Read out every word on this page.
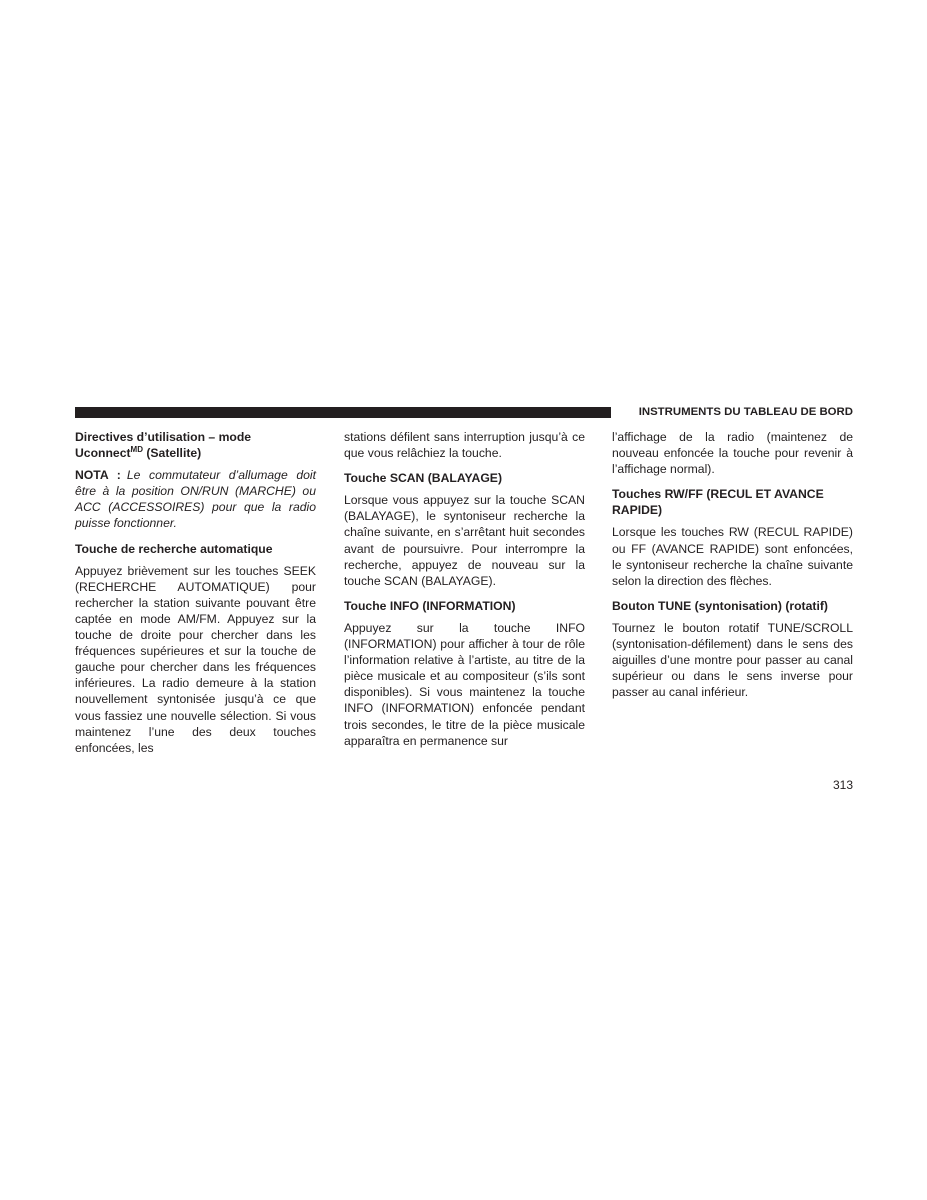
INSTRUMENTS DU TABLEAU DE BORD
Directives d’utilisation – mode Uconnect$^{MD}$ (Satellite)
NOTA : Le commutateur d’allumage doit être à la position ON/RUN (MARCHE) ou ACC (ACCESSOIRES) pour que la radio puisse fonctionner.
Touche de recherche automatique
Appuyez brièvement sur les touches SEEK (RECHERCHE AUTOMATIQUE) pour rechercher la station suivante pouvant être captée en mode AM/FM. Appuyez sur la touche de droite pour chercher dans les fréquences supérieures et sur la touche de gauche pour chercher dans les fréquences inférieures. La radio demeure à la station nouvellement syntonisée jusqu’à ce que vous fassiez une nouvelle sélection. Si vous maintenez l’une des deux touches enfoncées, les
stations défilent sans interruption jusqu’à ce que vous relâchiez la touche.
Touche SCAN (BALAYAGE)
Lorsque vous appuyez sur la touche SCAN (BALAYAGE), le syntoniseur recherche la chaîne suivante, en s’arrêtant huit secondes avant de poursuivre. Pour interrompre la recherche, appuyez de nouveau sur la touche SCAN (BALAYAGE).
Touche INFO (INFORMATION)
Appuyez sur la touche INFO (INFORMATION) pour afficher à tour de rôle l’information relative à l’artiste, au titre de la pièce musicale et au compositeur (s’ils sont disponibles). Si vous maintenez la touche INFO (INFORMATION) enfoncée pendant trois secondes, le titre de la pièce musicale apparaîtra en permanence sur
l’affichage de la radio (maintenez de nouveau enfoncée la touche pour revenir à l’affichage normal).
Touches RW/FF (RECUL ET AVANCE RAPIDE)
Lorsque les touches RW (RECUL RAPIDE) ou FF (AVANCE RAPIDE) sont enfoncées, le syntoniseur recherche la chaîne suivante selon la direction des flèches.
Bouton TUNE (syntonisation) (rotatif)
Tournez le bouton rotatif TUNE/SCROLL (syntonisation-défilement) dans le sens des aiguilles d’une montre pour passer au canal supérieur ou dans le sens inverse pour passer au canal inférieur.
313
